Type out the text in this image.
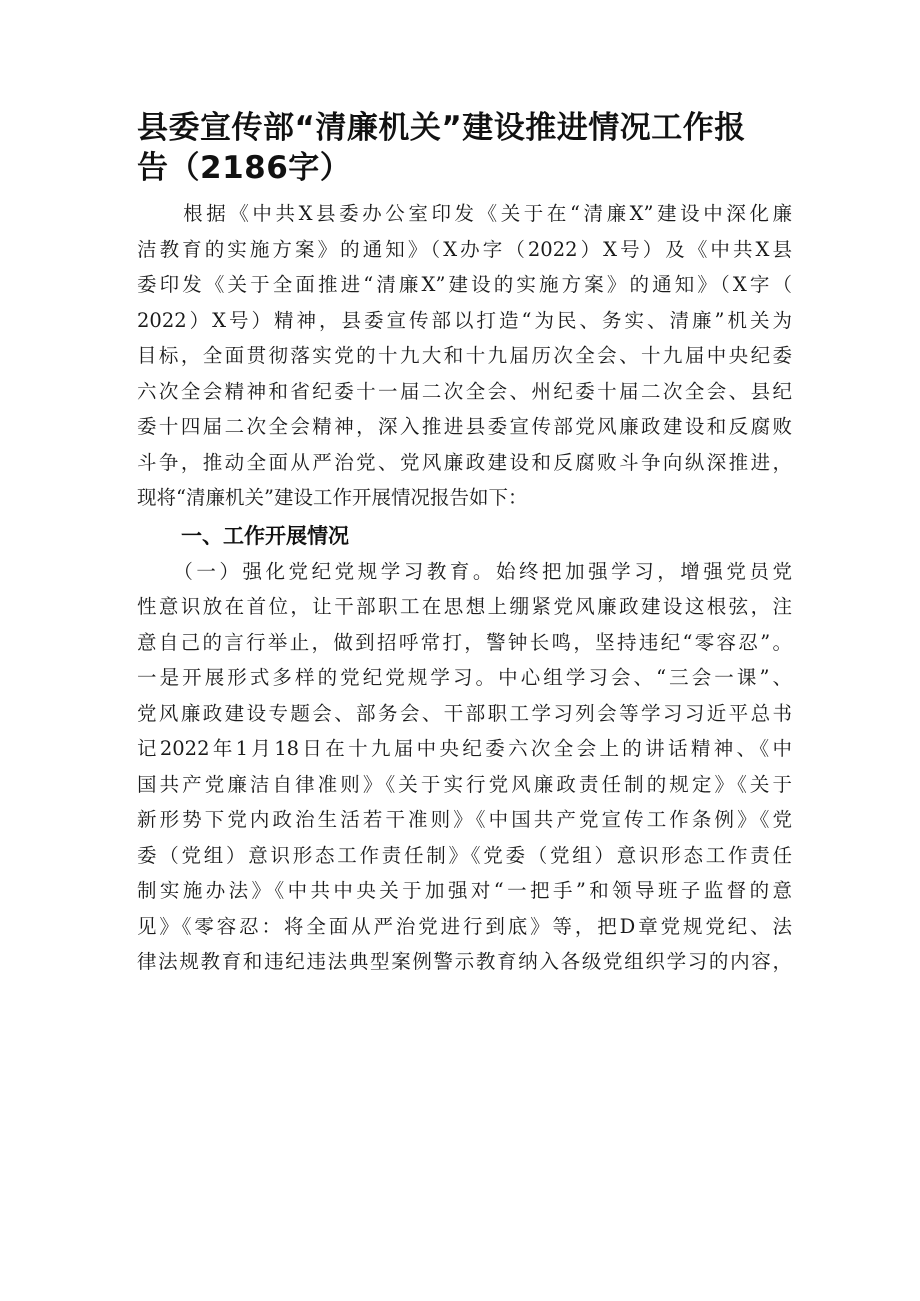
县委宣传部“清廉机关”建设推进情况工作报
告（2186字）
　　根据《中共X县委办公室印发《关于在“清廉X”建设中深化廉
洁教育的实施方案》的通知》（X办字（2022）X号）及《中共X县
委印发《关于全面推进“清廉X”建设的实施方案》的通知》（X字（
2022）X号）精神，县委宣传部以打造“为民、务实、清廉”机关为
目标，全面贯彻落实党的十九大和十九届历次全会、十九届中央纪委
六次全会精神和省纪委十一届二次全会、州纪委十届二次全会、县纪
委十四届二次全会精神，深入推进县委宣传部党风廉政建设和反腐败
斗争，推动全面从严治党、党风廉政建设和反腐败斗争向纵深推进，
现将“清廉机关”建设工作开展情况报告如下：
一、工作开展情况
　　（一）强化党纪党规学习教育。始终把加强学习，增强党员党
性意识放在首位，让干部职工在思想上绷紧党风廉政建设这根弦，注
意自己的言行举止，做到招呼常打，警钟长鸣，坚持违纪“零容忍”。
一是开展形式多样的党纪党规学习。中心组学习会、“三会一课”、
党风廉政建设专题会、部务会、干部职工学习列会等学习习近平总书
记2022年1月18日在十九届中央纪委六次全会上的讲话精神、《中
国共产党廉洁自律准则》《关于实行党风廉政责任制的规定》《关于
新形势下党内政治生活若干准则》《中国共产党宣传工作条例》《党
委（党组）意识形态工作责任制》《党委（党组）意识形态工作责任
制实施办法》《中共中央关于加强对“一把手”和领导班子监督的意
见》《零容忍：将全面从严治党进行到底》等，把D章党规党纪、法
律法规教育和违纪违法典型案例警示教育纳入各级党组织学习的内容，
